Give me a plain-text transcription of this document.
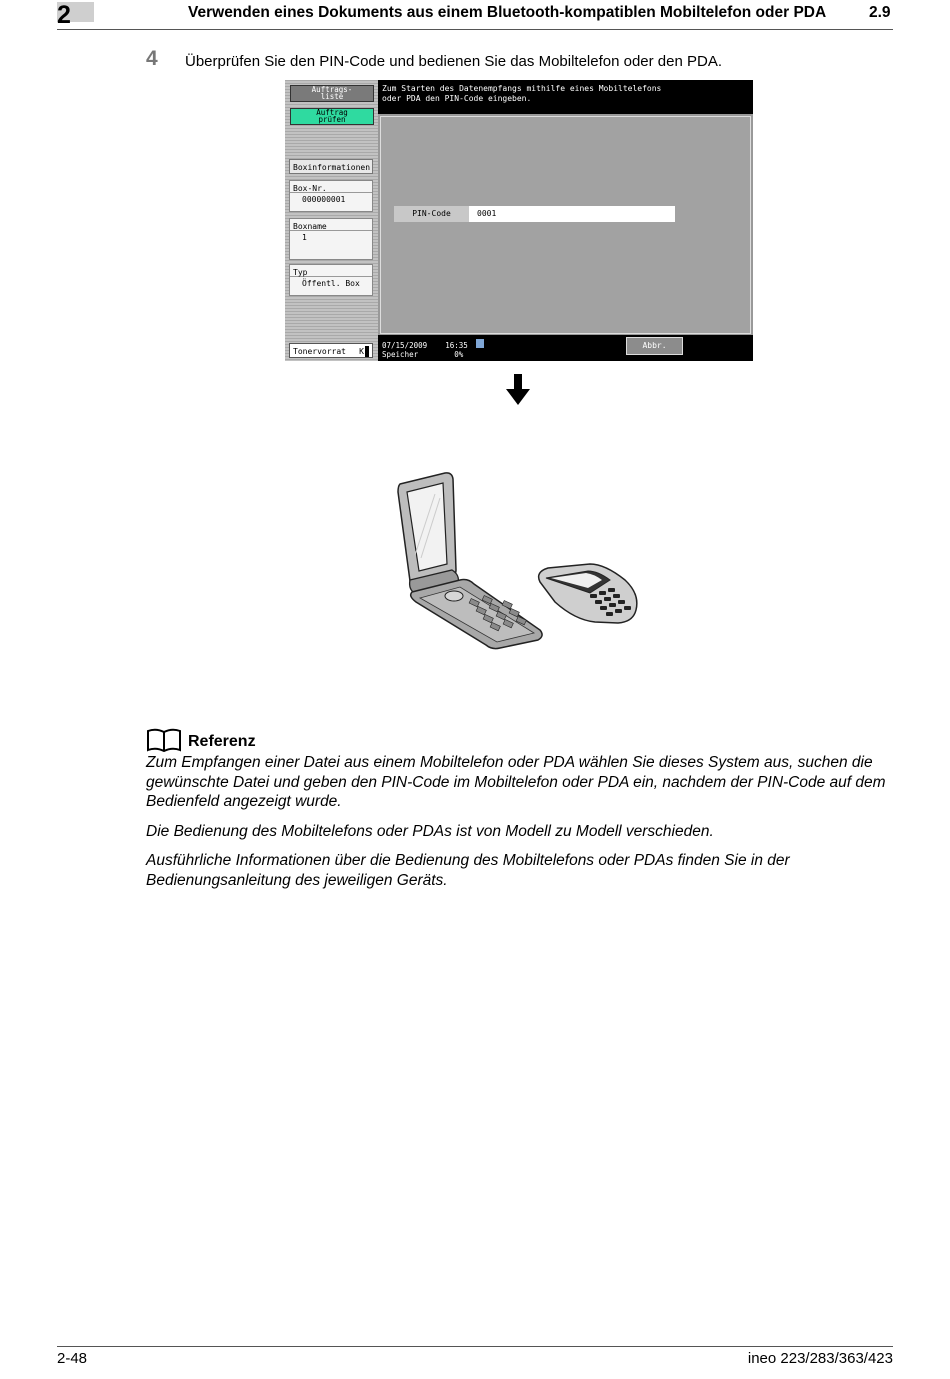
2	Verwenden eines Dokuments aus einem Bluetooth-kompatiblen Mobiltelefon oder PDA	2.9
4 Überprüfen Sie den PIN-Code und bedienen Sie das Mobiltelefon oder den PDA.
Auftrags-
liste
Auftrag
prüfen
Boxinformationen
Box-Nr.
000000001
Boxname
1
Typ
Öffentl. Box
Tonervorrat K
Zum Starten des Datenempfangs mithilfe eines Mobiltelefons
oder PDA den PIN-Code eingeben.
PIN-Code	0001
07/15/2009    16:35
Speicher        0%
Abbr.
Referenz

Zum Empfangen einer Datei aus einem Mobiltelefon oder PDA wählen Sie dieses System aus, suchen die gewünschte Datei und geben den PIN-Code im Mobiltelefon oder PDA ein, nachdem der PIN-Code auf dem Bedienfeld angezeigt wurde.

Die Bedienung des Mobiltelefons oder PDAs ist von Modell zu Modell verschieden.

Ausführliche Informationen über die Bedienung des Mobiltelefons oder PDAs finden Sie in der Bedienungsanleitung des jeweiligen Geräts.

2-48	ineo 223/283/363/423
